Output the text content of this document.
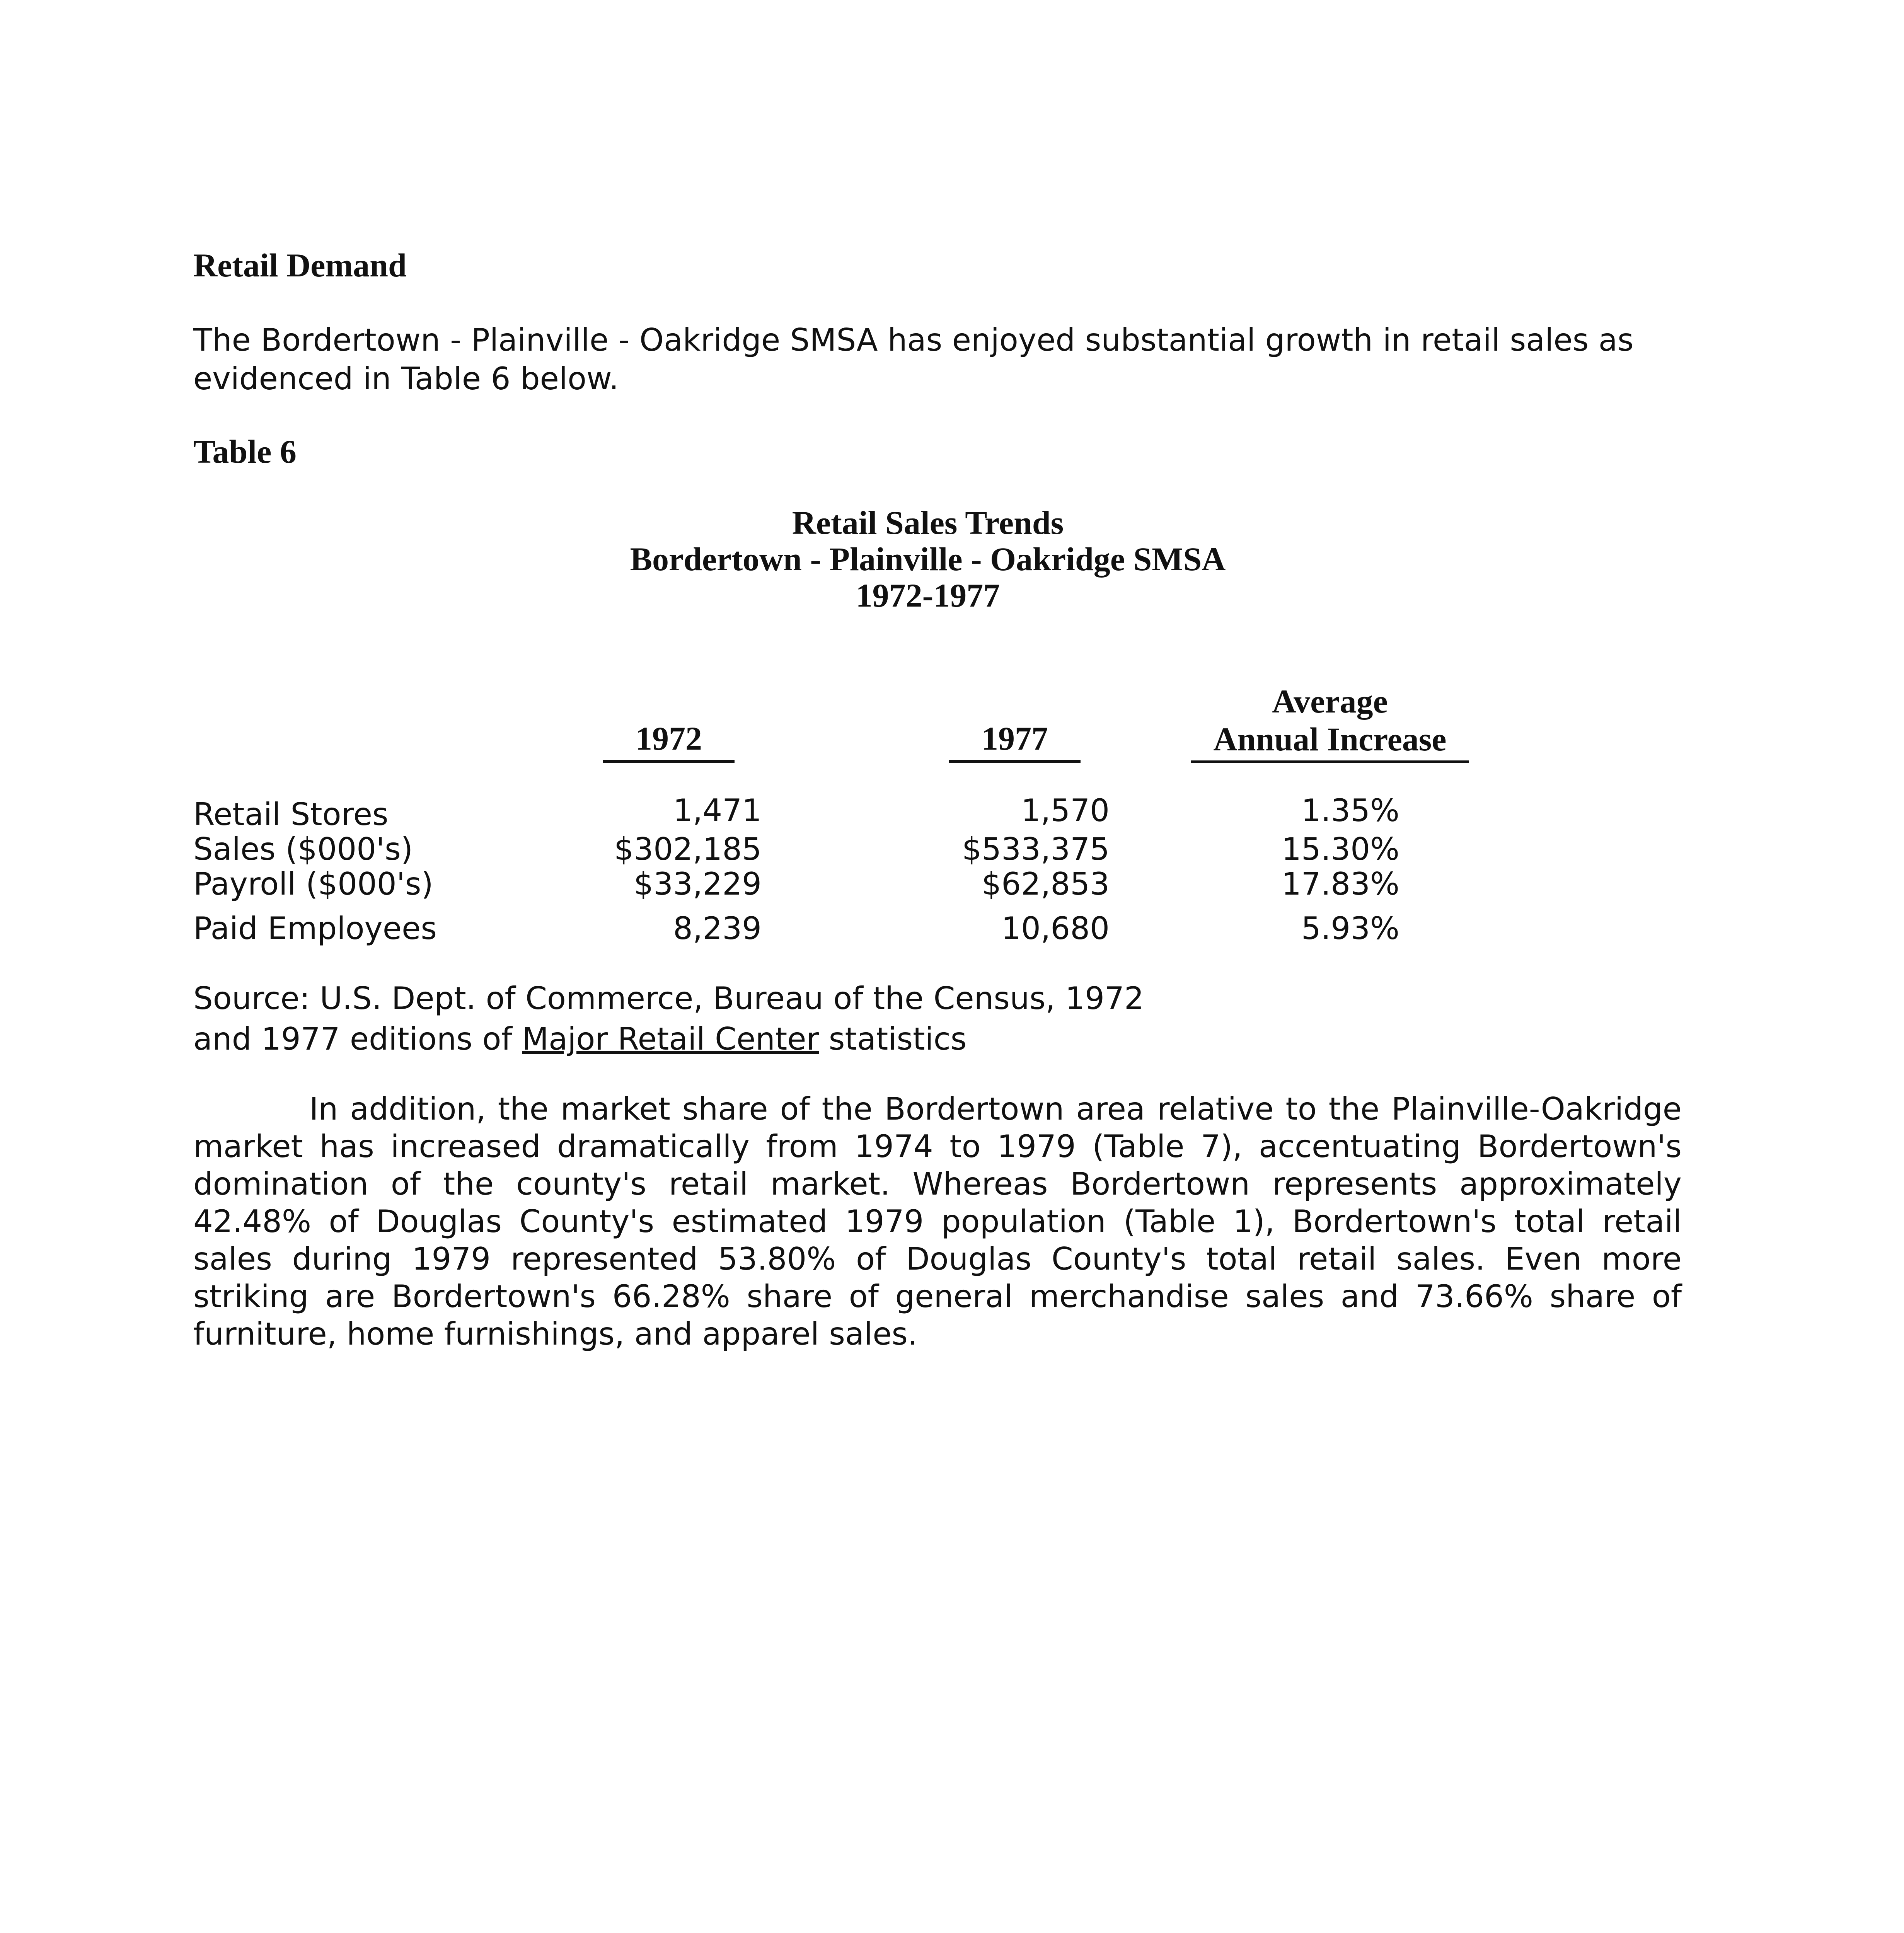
Retail Demand
The Bordertown - Plainville - Oakridge SMSA has enjoyed substantial growth in retail sales as evidenced in Table 6 below.
Table 6
Retail Sales Trends
Bordertown - Plainville - Oakridge SMSA
1972-1977
1972	1977
Average
Annual Increase
Retail Stores	1,471	1,570	1.35%
Sales ($000's)	$302,185	$533,375	15.30%
Payroll ($000's)	$33,229	$62,853	17.83%
Paid Employees	8,239	10,680	5.93%
Source: U.S. Dept. of Commerce, Bureau of the Census, 1972
and 1977 editions of Major Retail Center statistics

In addition, the market share of the Bordertown area relative to the Plainville-Oakridge market has increased dramatically from 1974 to 1979 (Table 7), accentuating Bordertown's domination of the county's retail market. Whereas Bordertown represents approximately 42.48% of Douglas County's estimated 1979 population (Table 1), Bordertown's total retail sales during 1979 represented 53.80% of Douglas County's total retail sales. Even more striking are Bordertown's 66.28% share of general merchandise sales and 73.66% share of furniture, home furnishings, and apparel sales.
